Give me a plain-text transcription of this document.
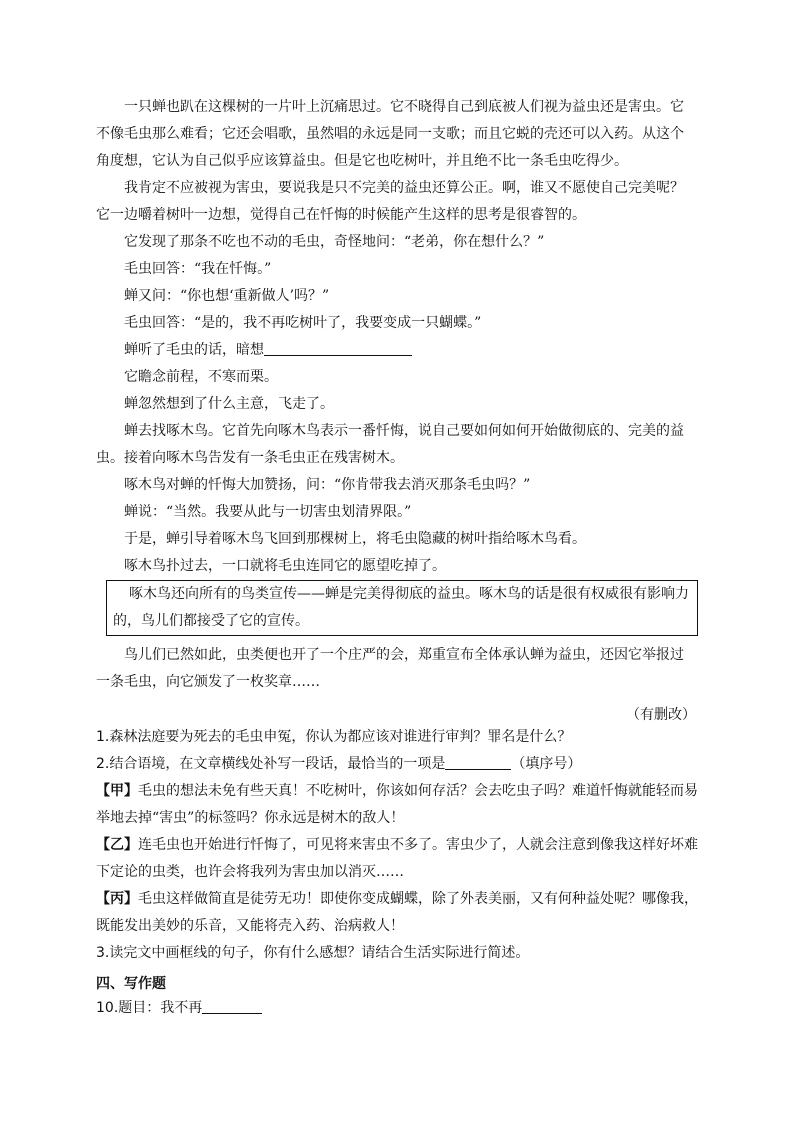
一只蝉也趴在这棵树的一片叶上沉痛思过。它不晓得自己到底被人们视为益虫还是害虫。它不像毛虫那么难看；它还会唱歌，虽然唱的永远是同一支歌；而且它蜕的壳还可以入药。从这个角度想，它认为自己似乎应该算益虫。但是它也吃树叶，并且绝不比一条毛虫吃得少。

我肯定不应被视为害虫，要说我是只不完美的益虫还算公正。啊，谁又不愿使自己完美呢？它一边嚼着树叶一边想，觉得自己在忏悔的时候能产生这样的思考是很睿智的。

它发现了那条不吃也不动的毛虫，奇怪地问：“老弟，你在想什么？”

毛虫回答：“我在忏悔。”

蝉又问：“你也想‘重新做人’吗？”

毛虫回答：“是的，我不再吃树叶了，我要变成一只蝴蝶。”

蝉听了毛虫的话，暗想

它瞻念前程，不寒而栗。

蝉忽然想到了什么主意，飞走了。

蝉去找啄木鸟。它首先向啄木鸟表示一番忏悔，说自己要如何如何开始做彻底的、完美的益虫。接着向啄木鸟告发有一条毛虫正在残害树木。

啄木鸟对蝉的忏悔大加赞扬，问：“你肯带我去消灭那条毛虫吗？”

蝉说：“当然。我要从此与一切害虫划清界限。”

于是，蝉引导着啄木鸟飞回到那棵树上，将毛虫隐藏的树叶指给啄木鸟看。

啄木鸟扑过去，一口就将毛虫连同它的愿望吃掉了。

啄木鸟还向所有的鸟类宣传——蝉是完美得彻底的益虫。啄木鸟的话是很有权威很有影响力

的，鸟儿们都接受了它的宣传。

鸟儿们已然如此，虫类便也开了一个庄严的会，郑重宣布全体承认蝉为益虫，还因它举报过一条毛虫，向它颁发了一枚奖章……

（有删改）

1.森林法庭要为死去的毛虫申冤，你认为都应该对谁进行审判？罪名是什么？

2.结合语境，在文章横线处补写一段话，最恰当的一项是	（填序号）

【甲】毛虫的想法未免有些天真！不吃树叶，你该如何存活？会去吃虫子吗？难道忏悔就能轻而易举地去掉“害虫”的标签吗？你永远是树木的敌人！

【乙】连毛虫也开始进行忏悔了，可见将来害虫不多了。害虫少了，人就会注意到像我这样好坏难下定论的虫类，也许会将我列为害虫加以消灭……

【丙】毛虫这样做简直是徒劳无功！即使你变成蝴蝶，除了外表美丽，又有何种益处呢？哪像我，既能发出美妙的乐音，又能将壳入药、治病救人！

3.读完文中画框线的句子，你有什么感想？请结合生活实际进行简述。

四、写作题

10.题目：我不再
